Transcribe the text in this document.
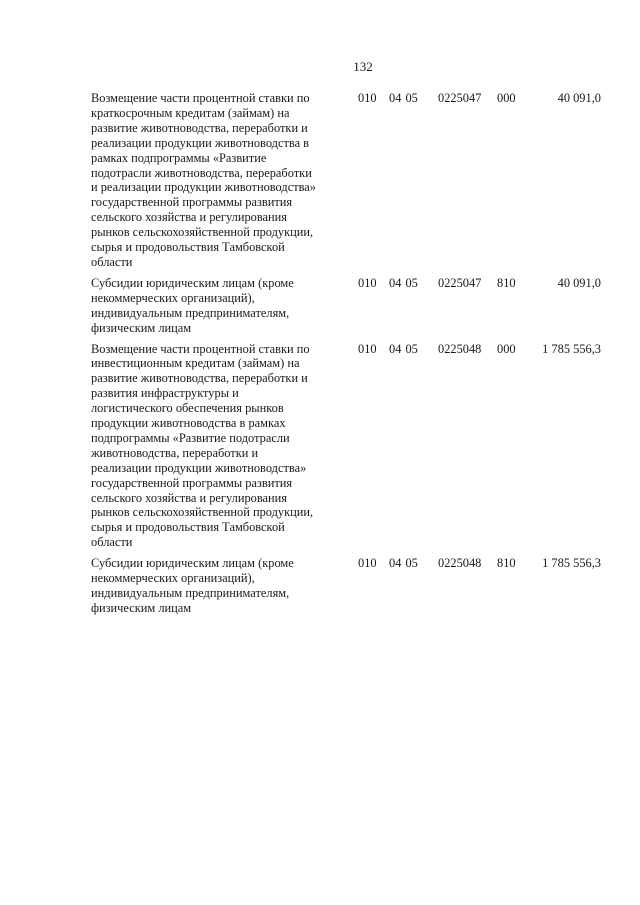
132
Возмещение части процентной ставки по
краткосрочным кредитам (займам) на
развитие животноводства, переработки и
реализации продукции животноводства в
рамках подпрограммы «Развитие
подотрасли животноводства, переработки
и реализации продукции животноводства»
государственной программы развития
сельского хозяйства и регулирования
рынков сельскохозяйственной продукции,
сырья и продовольствия Тамбовской
области
010 04 05 0225047 000	40 091,0
Субсидии юридическим лицам (кроме
некоммерческих организаций),
индивидуальным предпринимателям,
физическим лицам
010 04 05 0225047 810	40 091,0
Возмещение части процентной ставки по
инвестиционным кредитам (займам) на
развитие животноводства, переработки и
развития инфраструктуры и
логистического обеспечения рынков
продукции животноводства в рамках
подпрограммы «Развитие подотрасли
животноводства, переработки и
реализации продукции животноводства»
государственной программы развития
сельского хозяйства и регулирования
рынков сельскохозяйственной продукции,
сырья и продовольствия Тамбовской
области
010 04 05 0225048 000 1 785 556,3
Субсидии юридическим лицам (кроме
некоммерческих организаций),
индивидуальным предпринимателям,
физическим лицам
010 04 05 0225048 810 1 785 556,3
